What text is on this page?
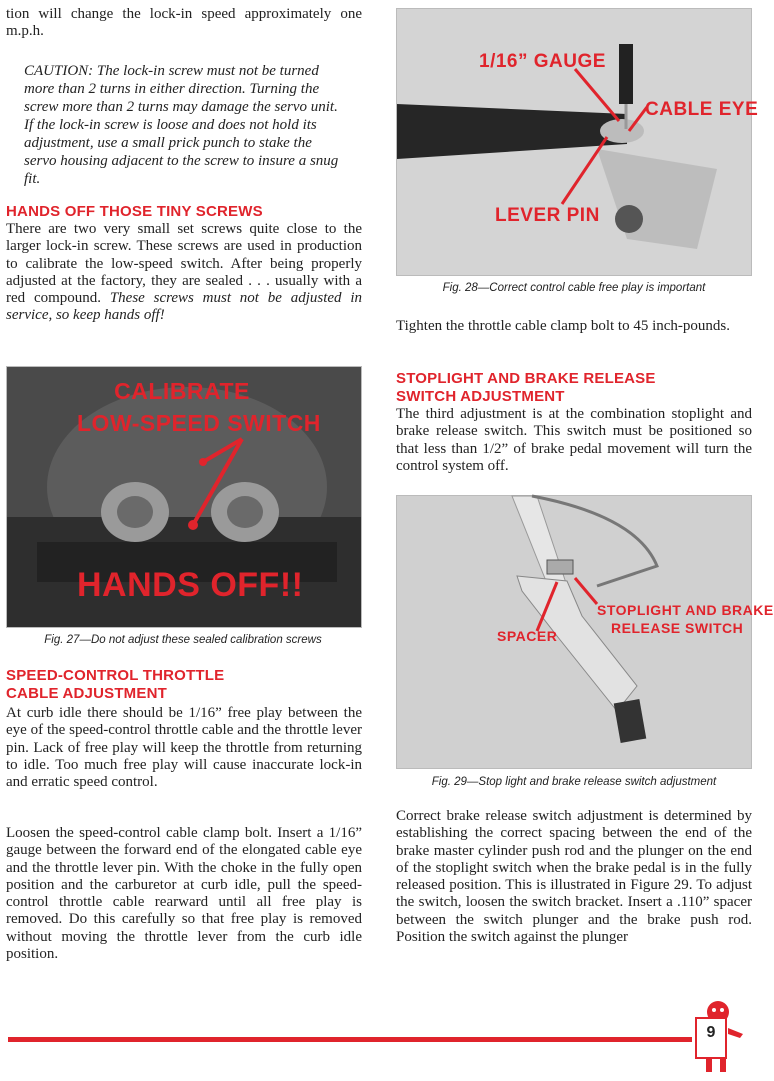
tion will change the lock-in speed approximately one m.p.h.

CAUTION: The lock-in screw must not be turned more than 2 turns in either direction. Turning the screw more than 2 turns may damage the servo unit. If the lock-in screw is loose and does not hold its adjustment, use a small prick punch to stake the servo housing adjacent to the screw to insure a snug fit.

HANDS OFF THOSE TINY SCREWS

There are two very small set screws quite close to the larger lock-in screw. These screws are used in production to calibrate the low-speed switch. After being properly adjusted at the factory, they are sealed . . . usually with a red compound. These screws must not be adjusted in service, so keep hands off!

CALIBRATE
LOW-SPEED SWITCH
HANDS OFF!!

Fig. 27—Do not adjust these sealed calibration screws

SPEED-CONTROL THROTTLE
CABLE ADJUSTMENT

At curb idle there should be 1/16” free play between the eye of the speed-control throttle cable and the throttle lever pin. Lack of free play will keep the throttle from returning to idle. Too much free play will cause inaccurate lock-in and erratic speed control.

Loosen the speed-control cable clamp bolt. Insert a 1/16” gauge between the forward end of the elongated cable eye and the throttle lever pin. With the choke in the fully open position and the carburetor at curb idle, pull the speed-control throttle cable rearward until all free play is removed. Do this carefully so that free play is removed without moving the throttle lever from the curb idle position.

1/16” GAUGE
CABLE EYE
LEVER PIN

Fig. 28—Correct control cable free play is important

Tighten the throttle cable clamp bolt to 45 inch-pounds.

STOPLIGHT AND BRAKE RELEASE
SWITCH ADJUSTMENT

The third adjustment is at the combination stoplight and brake release switch. This switch must be positioned so that less than 1/2” of brake pedal movement will turn the control system off.

STOPLIGHT AND BRAKE
RELEASE SWITCH
SPACER

Fig. 29—Stop light and brake release switch adjustment

Correct brake release switch adjustment is determined by establishing the correct spacing between the end of the brake master cylinder push rod and the plunger on the end of the stoplight switch when the brake pedal is in the fully released position. This is illustrated in Figure 29. To adjust the switch, loosen the switch bracket. Insert a .110” spacer between the switch plunger and the brake push rod. Position the switch against the plunger

9
